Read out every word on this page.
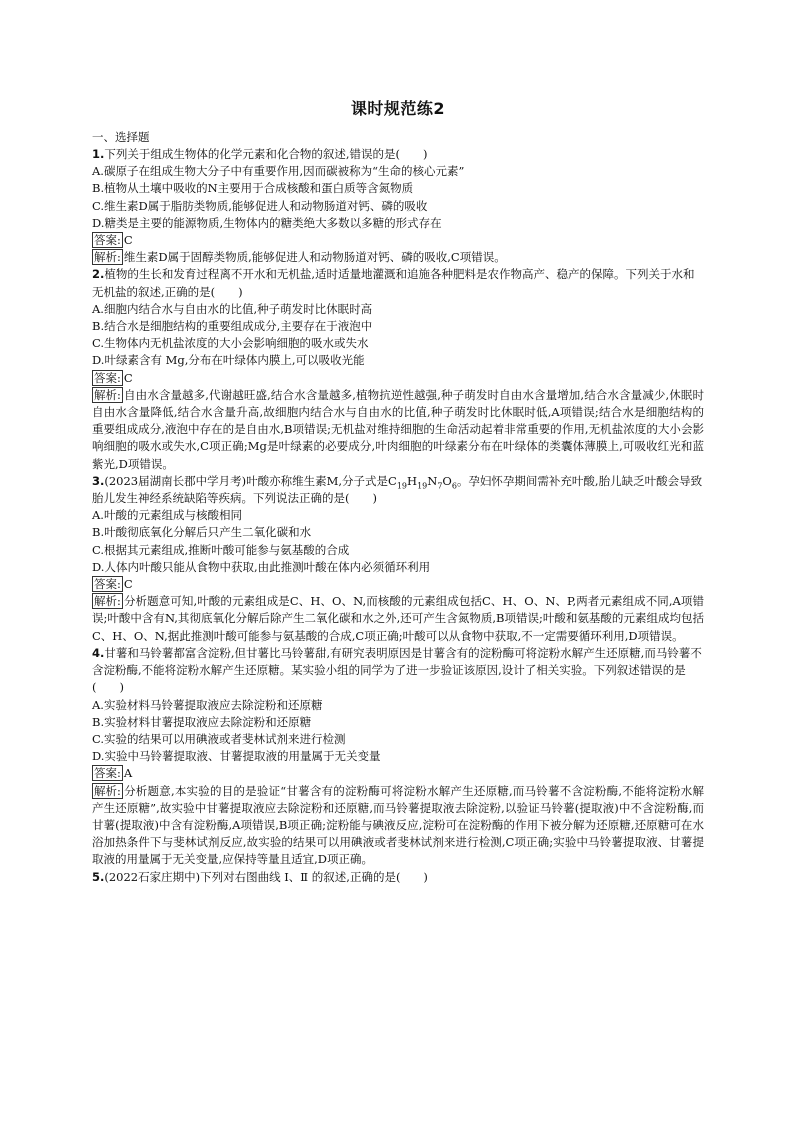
课时规范练2

一、选择题

1.下列关于组成生物体的化学元素和化合物的叙述,错误的是(　　)

A.碳原子在组成生物大分子中有重要作用,因而碳被称为“生命的核心元素”

B.植物从土壤中吸收的N主要用于合成核酸和蛋白质等含氮物质

C.维生素D属于脂肪类物质,能够促进人和动物肠道对钙、磷的吸收

D.糖类是主要的能源物质,生物体内的糖类绝大多数以多糖的形式存在

答案: C

解析: 维生素D属于固醇类物质,能够促进人和动物肠道对钙、磷的吸收,C项错误。

2.植物的生长和发育过程离不开水和无机盐,适时适量地灌溉和追施各种肥料是农作物高产、稳产的保障。下列关于水和无机盐的叙述,正确的是(　　)

A.细胞内结合水与自由水的比值,种子萌发时比休眠时高

B.结合水是细胞结构的重要组成成分,主要存在于液泡中

C.生物体内无机盐浓度的大小会影响细胞的吸水或失水

D.叶绿素含有 Mg,分布在叶绿体内膜上,可以吸收光能

答案: C

解析: 自由水含量越多,代谢越旺盛,结合水含量越多,植物抗逆性越强,种子萌发时自由水含量增加,结合水含量减少,休眠时自由水含量降低,结合水含量升高,故细胞内结合水与自由水的比值,种子萌发时比休眠时低,A项错误;结合水是细胞结构的重要组成成分,液泡中存在的是自由水,B项错误;无机盐对维持细胞的生命活动起着非常重要的作用,无机盐浓度的大小会影响细胞的吸水或失水,C项正确;Mg是叶绿素的必要成分,叶肉细胞的叶绿素分布在叶绿体的类囊体薄膜上,可吸收红光和蓝紫光,D项错误。

3.(2023届湖南长郡中学月考)叶酸亦称维生素M,分子式是$C_{19}H_{19}N_7O_6$。孕妇怀孕期间需补充叶酸,胎儿缺乏叶酸会导致胎儿发生神经系统缺陷等疾病。下列说法正确的是(　　)

A.叶酸的元素组成与核酸相同

B.叶酸彻底氧化分解后只产生二氧化碳和水

C.根据其元素组成,推断叶酸可能参与氨基酸的合成

D.人体内叶酸只能从食物中获取,由此推测叶酸在体内必须循环利用

答案: C

解析: 分析题意可知,叶酸的元素组成是C、H、O、N,而核酸的元素组成包括C、H、O、N、P,两者元素组成不同,A项错误;叶酸中含有N,其彻底氧化分解后除产生二氧化碳和水之外,还可产生含氮物质,B项错误;叶酸和氨基酸的元素组成均包括C、H、O、N,据此推测叶酸可能参与氨基酸的合成,C项正确;叶酸可以从食物中获取,不一定需要循环利用,D项错误。

4.甘薯和马铃薯都富含淀粉,但甘薯比马铃薯甜,有研究表明原因是甘薯含有的淀粉酶可将淀粉水解产生还原糖,而马铃薯不含淀粉酶,不能将淀粉水解产生还原糖。某实验小组的同学为了进一步验证该原因,设计了相关实验。下列叙述错误的是(　　)

A.实验材料马铃薯提取液应去除淀粉和还原糖

B.实验材料甘薯提取液应去除淀粉和还原糖

C.实验的结果可以用碘液或者斐林试剂来进行检测

D.实验中马铃薯提取液、甘薯提取液的用量属于无关变量

答案: A

解析: 分析题意,本实验的目的是验证“甘薯含有的淀粉酶可将淀粉水解产生还原糖,而马铃薯不含淀粉酶,不能将淀粉水解产生还原糖”,故实验中甘薯提取液应去除淀粉和还原糖,而马铃薯提取液去除淀粉,以验证马铃薯(提取液)中不含淀粉酶,而甘薯(提取液)中含有淀粉酶,A项错误,B项正确;淀粉能与碘液反应,淀粉可在淀粉酶的作用下被分解为还原糖,还原糖可在水浴加热条件下与斐林试剂反应,故实验的结果可以用碘液或者斐林试剂来进行检测,C项正确;实验中马铃薯提取液、甘薯提取液的用量属于无关变量,应保持等量且适宜,D项正确。

5.(2022石家庄期中)下列对右图曲线 Ⅰ、Ⅱ 的叙述,正确的是(　　)
